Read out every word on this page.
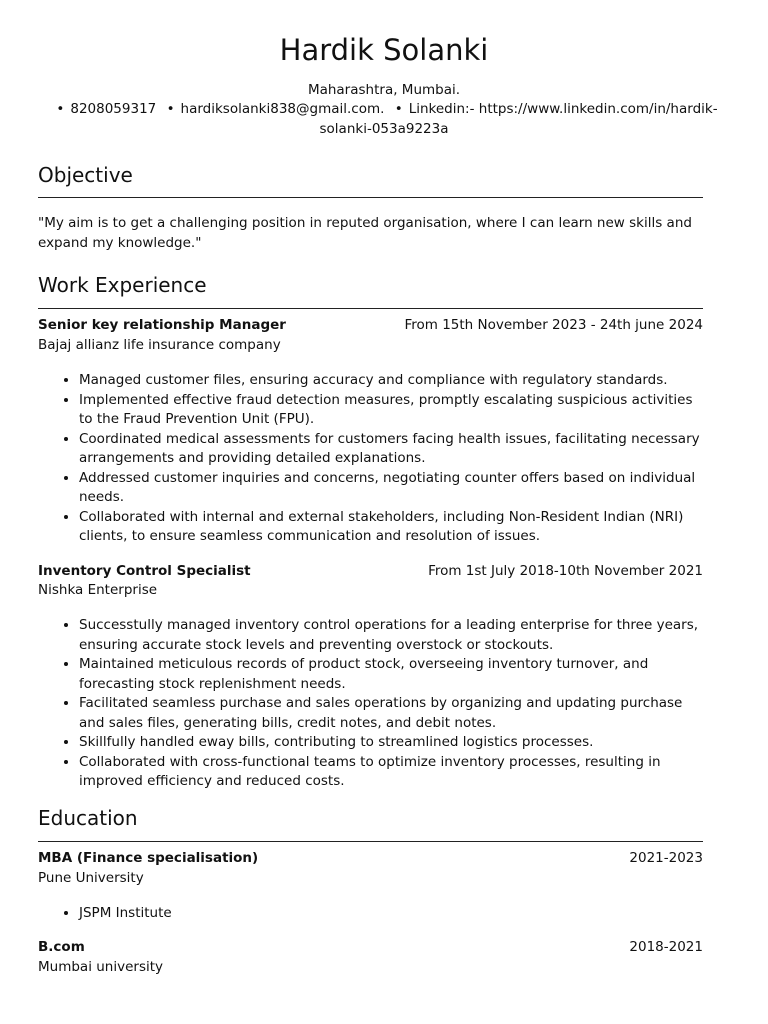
Hardik Solanki
Maharashtra, Mumbai.
• 8208059317 • hardiksolanki838@gmail.com. • Linkedin:- https://www.linkedin.com/in/hardik-solanki-053a9223a
Objective
"My aim is to get a challenging position in reputed organisation, where I can learn new skills and expand my knowledge."
Work Experience
Senior key relationship Manager	From 15th November 2023 - 24th june 2024
Bajaj allianz life insurance company
• Managed customer files, ensuring accuracy and compliance with regulatory standards.
• Implemented effective fraud detection measures, promptly escalating suspicious activities to the Fraud Prevention Unit (FPU).
• Coordinated medical assessments for customers facing health issues, facilitating necessary arrangements and providing detailed explanations.
• Addressed customer inquiries and concerns, negotiating counter offers based on individual needs.
• Collaborated with internal and external stakeholders, including Non-Resident Indian (NRI) clients, to ensure seamless communication and resolution of issues.
Inventory Control Specialist	From 1st July 2018-10th November 2021
Nishka Enterprise
• Successtully managed inventory control operations for a leading enterprise for three years, ensuring accurate stock levels and preventing overstock or stockouts.
• Maintained meticulous records of product stock, overseeing inventory turnover, and forecasting stock replenishment needs.
• Facilitated seamless purchase and sales operations by organizing and updating purchase and sales files, generating bills, credit notes, and debit notes.
• Skillfully handled eway bills, contributing to streamlined logistics processes.
• Collaborated with cross-functional teams to optimize inventory processes, resulting in improved efficiency and reduced costs.
Education
MBA (Finance specialisation)	2021-2023
Pune University
• JSPM Institute
B.com	2018-2021
Mumbai university
